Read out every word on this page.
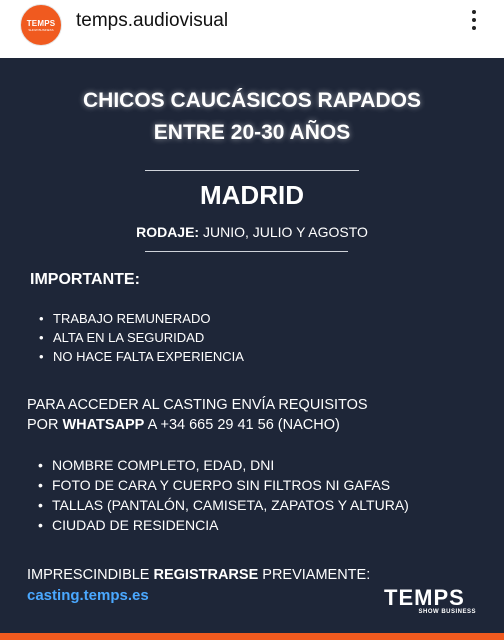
TEMPS
SHOW BUSINESS temps.audiovisual
CHICOS CAUCÁSICOS RAPADOS
ENTRE 20-30 AÑOS
MADRID
RODAJE: JUNIO, JULIO Y AGOSTO
IMPORTANTE:
• TRABAJO REMUNERADO
• ALTA EN LA SEGURIDAD
• NO HACE FALTA EXPERIENCIA
PARA ACCEDER AL CASTING ENVÍA REQUISITOS
POR WHATSAPP A +34 665 29 41 56 (NACHO)
• NOMBRE COMPLETO, EDAD, DNI
• FOTO DE CARA Y CUERPO SIN FILTROS NI GAFAS
• TALLAS (PANTALÓN, CAMISETA, ZAPATOS Y ALTURA)
• CIUDAD DE RESIDENCIA
IMPRESCINDIBLE REGISTRARSE PREVIAMENTE:
casting.temps.es	TEMPS
SHOW BUSINESS
